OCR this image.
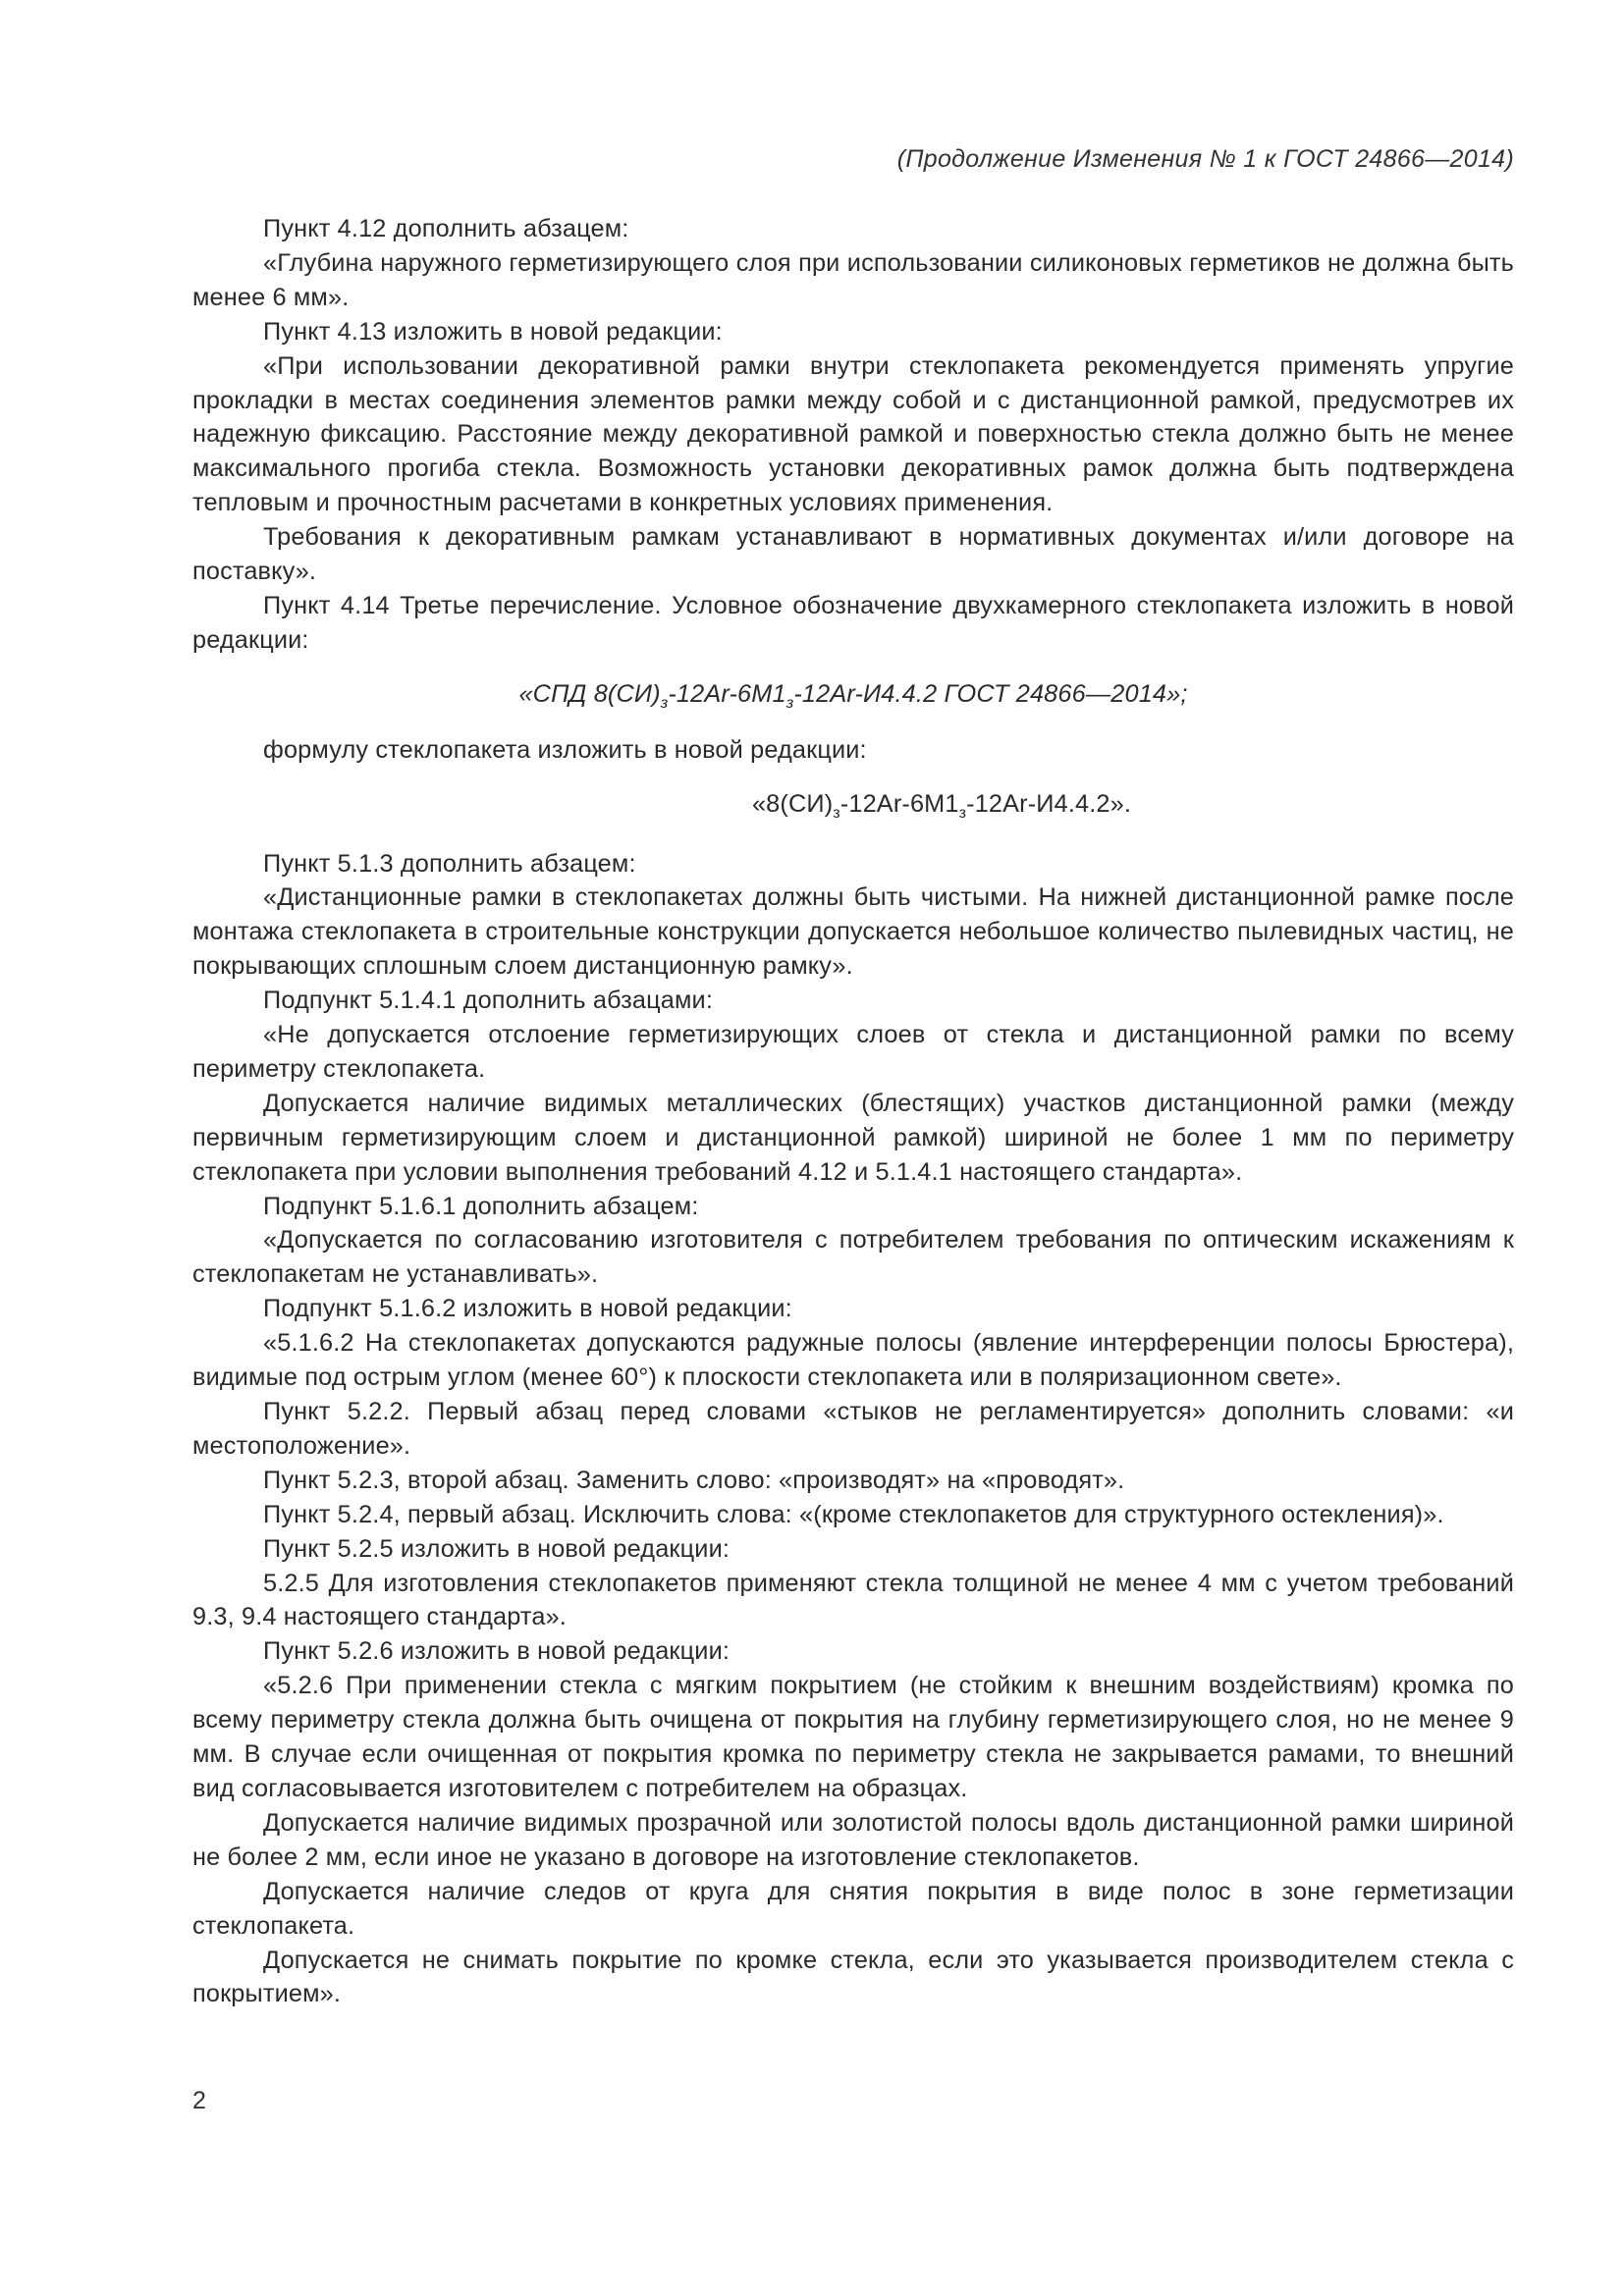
(Продолжение Изменения № 1 к ГОСТ 24866—2014)

Пункт 4.12 дополнить абзацем:

«Глубина наружного герметизирующего слоя при использовании силиконовых герметиков не должна быть менее 6 мм».

Пункт 4.13 изложить в новой редакции:

«При использовании декоративной рамки внутри стеклопакета рекомендуется применять упругие прокладки в местах соединения элементов рамки между собой и с дистанционной рамкой, предусмотрев их надежную фиксацию. Расстояние между декоративной рамкой и поверхностью стекла должно быть не менее максимального прогиба стекла. Возможность установки декоративных рамок должна быть подтверждена тепловым и прочностным расчетами в конкретных условиях применения.

Требования к декоративным рамкам устанавливают в нормативных документах и/или договоре на поставку».

Пункт 4.14 Третье перечисление. Условное обозначение двухкамерного стеклопакета изложить в новой редакции:

«СПД $8(СИ)_з-12Ar-6М1_з-12Ar-И4.4.2$ ГОСТ 24866—2014»;

формулу стеклопакета изложить в новой редакции:

«$8(СИ)_з-12Ar-6М1_з-12Ar-И4.4.2$».

Пункт 5.1.3 дополнить абзацем:

«Дистанционные рамки в стеклопакетах должны быть чистыми. На нижней дистанционной рамке после монтажа стеклопакета в строительные конструкции допускается небольшое количество пылевидных частиц, не покрывающих сплошным слоем дистанционную рамку».

Подпункт 5.1.4.1 дополнить абзацами:

«Не допускается отслоение герметизирующих слоев от стекла и дистанционной рамки по всему периметру стеклопакета.

Допускается наличие видимых металлических (блестящих) участков дистанционной рамки (между первичным герметизирующим слоем и дистанционной рамкой) шириной не более 1 мм по периметру стеклопакета при условии выполнения требований 4.12 и 5.1.4.1 настоящего стандарта».

Подпункт 5.1.6.1 дополнить абзацем:

«Допускается по согласованию изготовителя с потребителем требования по оптическим искажениям к стеклопакетам не устанавливать».

Подпункт 5.1.6.2 изложить в новой редакции:

«5.1.6.2 На стеклопакетах допускаются радужные полосы (явление интерференции полосы Брюстера), видимые под острым углом (менее 60°) к плоскости стеклопакета или в поляризационном свете».

Пункт 5.2.2. Первый абзац перед словами «стыков не регламентируется» дополнить словами: «и местоположение».

Пункт 5.2.3, второй абзац. Заменить слово: «производят» на «проводят».

Пункт 5.2.4, первый абзац. Исключить слова: «(кроме стеклопакетов для структурного остекления)».

Пункт 5.2.5 изложить в новой редакции:

5.2.5 Для изготовления стеклопакетов применяют стекла толщиной не менее 4 мм с учетом требований 9.3, 9.4 настоящего стандарта».

Пункт 5.2.6 изложить в новой редакции:

«5.2.6 При применении стекла с мягким покрытием (не стойким к внешним воздействиям) кромка по всему периметру стекла должна быть очищена от покрытия на глубину герметизирующего слоя, но не менее 9 мм. В случае если очищенная от покрытия кромка по периметру стекла не закрывается рамами, то внешний вид согласовывается изготовителем с потребителем на образцах.

Допускается наличие видимых прозрачной или золотистой полосы вдоль дистанционной рамки шириной не более 2 мм, если иное не указано в договоре на изготовление стеклопакетов.

Допускается наличие следов от круга для снятия покрытия в виде полос в зоне герметизации стеклопакета.

Допускается не снимать покрытие по кромке стекла, если это указывается производителем стекла с покрытием».

2
